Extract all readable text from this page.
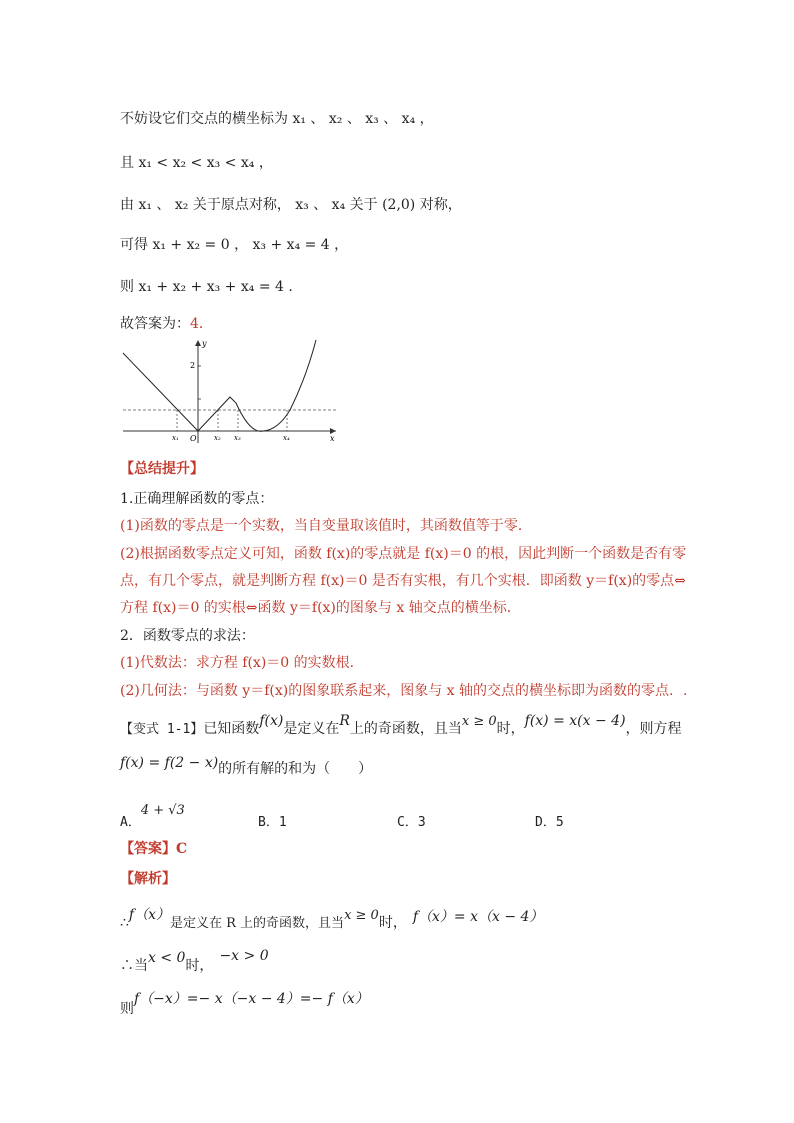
不妨设它们交点的横坐标为 x₁ 、 x₂ 、 x₃ 、 x₄ ，
且 x₁ < x₂ < x₃ < x₄ ，
由 x₁ 、 x₂ 关于原点对称， x₃ 、 x₄ 关于 (2,0) 对称，
可得 x₁ + x₂ = 0 ， x₃ + x₄ = 4 ，
则 x₁ + x₂ + x₃ + x₄ = 4 .
故答案为：4．
y
x
O
2
x₁	x₂ x₃	x₄
【总结提升】
1.正确理解函数的零点：
(1)函数的零点是一个实数，当自变量取该值时，其函数值等于零．
(2)根据函数零点定义可知，函数 f(x)的零点就是 f(x)＝0 的根，因此判断一个函数是否有零
点，有几个零点，就是判断方程 f(x)＝0 是否有实根，有几个实根．即函数 y＝f(x)的零点⇔
方程 f(x)＝0 的实根⇔函数 y＝f(x)的图象与 x 轴交点的横坐标．
2．函数零点的求法：
(1)代数法：求方程 f(x)＝0 的实数根．
(2)几何法：与函数 y＝f(x)的图象联系起来，图象与 x 轴的交点的横坐标即为函数的零点．.
【变式 1-1】已知函数f(x)是定义在R上的奇函数，且当x ≥ 0时，f(x) = x(x − 4)，则方程
f(x) = f(2 − x)的所有解的和为（　　）
A．4 + √3
B．1	C．3	D．5
【答案】C
【解析】
∴f（x）是定义在 R 上的奇函数，且当x ≥ 0时， f（x）= x（x − 4）
∴当x < 0时，−x > 0
则f（−x）=− x（−x − 4）=− f（x）
